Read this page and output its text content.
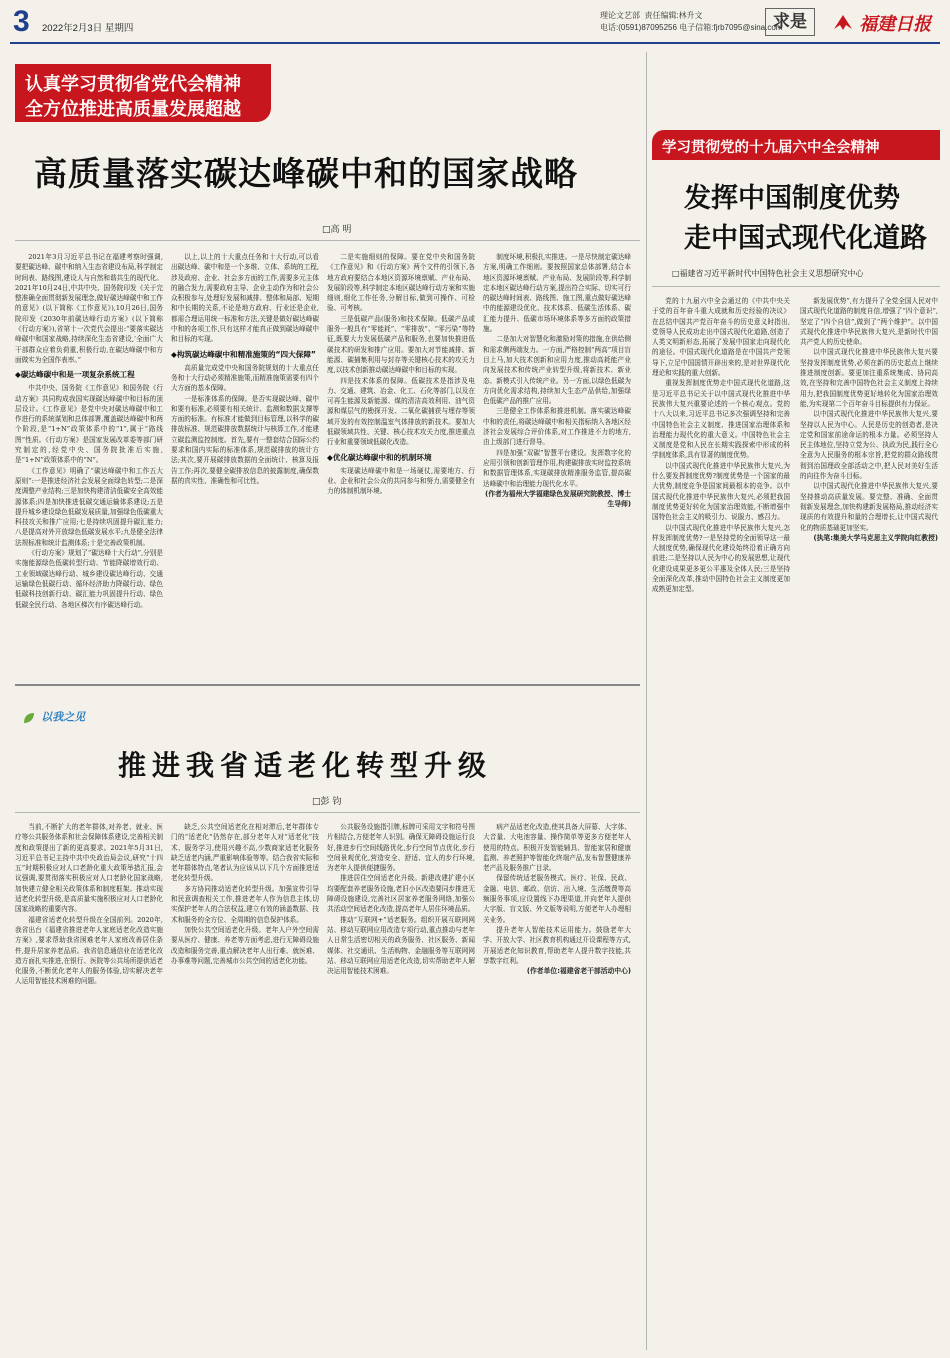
3 2022年2月3日 星期四
理论文艺部 责任编辑:林升文
电话:(0591)87095256 电子信箱:fjrb7095@sina.com
求是	福建日报
认真学习贯彻省党代会精神
全方位推进高质量发展超越
高质量落实碳达峰碳中和的国家战略
□高 明

2021年3月习近平总书记在福建考察时强调,要把碳达峰、碳中和纳入生态省建设布局,科学制定时间表、路线图,建设人与自然和谐共生的现代化。2021年10月24日,中共中央、国务院印发《关于完整准确全面贯彻新发展理念,做好碳达峰碳中和工作的意见》(以下简称《工作意见》),10月26日,国务院印发《2030年前碳达峰行动方案》(以下简称《行动方案》),省第十一次党代会提出:“要落实碳达峰碳中和国家战略,持续深化生态省建设,‘全面广大干部群众应着负荷重,积极行动,在碳达峰碳中和方面做实为全国作表率。”

◆碳达峰碳中和是一项复杂系统工程

中共中央、国务院《工作意见》和国务院《行动方案》共同构成我国实现碳达峰碳中和目标的顶层设计。《工作意见》是党中央对碳达峰碳中和工作进行的系统谋划和总体部署,覆盖碳达峰碳中和两个阶段,是“1+N”政策体系中的“1”,属于“路线图”性质。《行动方案》是国家发展改革委等部门研究制定的,经党中央、国务院批准后实施,是“1+N”政策体系中的“N”。

《工作意见》明确了“碳达峰碳中和工作五大原则”:一是推进经济社会发展全面绿色转型;二是深度调整产业结构;三是加快构建清洁低碳安全高效能源体系;四是加快推进低碳交通运输体系建设;五是提升城乡建设绿色低碳发展质量,加强绿色低碳重大科技攻关和推广应用;七是持续巩固提升碳汇能力;八是提高对外开放绿色低碳发展水平;九是健全法律法规标准和统计监测体系;十是完善政策机制。

《行动方案》规划了“碳达峰十大行动”,分别是实施能源绿色低碳转型行动、节能降碳增效行动、工业领域碳达峰行动、城乡建设碳达峰行动、交通运输绿色低碳行动、循环经济助力降碳行动、绿色低碳科技创新行动、碳汇能力巩固提升行动、绿色低碳全民行动、各地区梯次有序碳达峰行动。

以上,以上的十大重点任务和十大行动,可以看出碳达峰、碳中和是一个多维、立体、系统的工程,涉及政府、企业、社会多方面的工作,需要多元主体的融合发力,需要政府主导、企业主动作为和社会公众积极参与,处理好发展和减排、整体和局部、短期和中长期的关系,不论是地方政府、行业还是企业,都需合理运用统一标准和方法,关键是做好碳达峰碳中和的各项工作,只有这样才能真正做到碳达峰碳中和目标的实现。

◆构筑碳达峰碳中和精准施策的“四大保障”

高质量完成党中央和国务院规划的十大重点任务和十大行动必须精准施策,而精准施策需要有四个大方面的基本保障。

一是标准体系的保障。是否实现碳达峰、碳中和要有标准,必须要有相关统计、监测和数据支撑等方面的标准。有标准才能做到目标管理,以科学的碳排放标准、规范碳排放数据统计与核算工作,才能建立碳监测监控制度。首先,要有一整套结合国际公约要求和国内实际的标准体系,规范碳排放的统计方法;其次,要开展碳排放数据的全面统计、核算及报告工作;再次,要健全碳排放信息的披露制度,确保数据的真实性、准确性和可比性。

二是实施细则的保障。要在党中央和国务院《工作意见》和《行动方案》两个文件的引领下,各地方政府要结合本地区资源环境禀赋、产业布局、发展阶段等,科学制定本地区碳达峰行动方案和实施细则,细化工作任务,分解目标,做到可操作、可检验、可考核。

三是低碳产品(服务)和技术保障。低碳产品或服务一般具有“零能耗”、“零排放”、“零污染”等特征,既要大力发展低碳产品和服务,也要加快推进低碳技术的研发和推广应用。要加大对节能减排、新能源、碳捕集利用与封存等关键核心技术的攻关力度,以技术创新推动碳达峰碳中和目标的实现。

四是技术体系的保障。低碳技术是指涉及电力、交通、建筑、冶金、化工、石化等部门,以及在可再生能源及新能源、煤的清洁高效利用、油气资源和煤层气的勘探开发、二氧化碳捕获与埋存等领域开发的有效控制温室气体排放的新技术。要加大低碳领域共性、关键、核心技术攻关力度,推进重点行业和重要领域低碳化改造。

◆优化碳达峰碳中和的机制环境

实现碳达峰碳中和是一场硬仗,需要地方、行业、企业和社会公众的共同参与和努力,需要健全有力的体制机制环境。

制度环境,积极扎实推进。一是尽快制定碳达峰方案,明确工作细则。要按照国家总体部署,结合本地区资源环境禀赋、产业布局、发展阶段等,科学制定本地区碳达峰行动方案,提出符合实际、切实可行的碳达峰时间表、路线图、施工图,重点做好碳达峰中的能源建设优化、技术体系、低碳生活体系、碳汇能力提升、低碳市场环境体系等多方面的政策措施。

二是加大对智慧化和激励对策的措施,在供给侧和需求侧两端发力。一方面,严格控制“两高”项目盲目上马,加大技术创新和应用力度,推动高耗能产业向发展技术和传统产业转型升级,将新技术、新业态、新模式引入传统产业。另一方面,以绿色低碳为方向优化需求结构,持续加大生态产品供给,加强绿色低碳产品的推广应用。

三是健全工作体系和推进机制。落实碳达峰碳中和的责任,将碳达峰碳中和相关指标纳入各地区经济社会发展综合评价体系,对工作推进不力的地方,由上级部门进行督导。

四是加强“双碳”智慧平台建设。发挥数字化的应用引领和创新管理作用,构建碳排放实时监控系统和数据管理体系,实现碳排放精准服务监管,提高碳达峰碳中和治理能力现代化水平。

(作者为福州大学福建绿色发展研究院教授、博士生导师)

以我之见
推进我省适老化转型升级
□彭 钧

当前,不断扩大的老年群体,对养老、就业、医疗等公共服务体系和社会保障体系建设,完善相关制度和政策提出了新的更高要求。2021年5月31日,习近平总书记主持中共中央政治局会议,研究“十四五”时期积极应对人口老龄化重大政策举措汇报,会议强调,要贯彻落实积极应对人口老龄化国家战略,加快建立健全相关政策体系和制度框架。推动实现适老化转型升级,是高质量实施积极应对人口老龄化国家战略的重要内容。

福建省适老化转型升级在全国前列。2020年,我省出台《福建省推进老年人家庭适老化改造实施方案》,要求帮助我省困难老年人家庭改善居住条件,提升居家养老品质。我省信息通信业在适老化改造方面扎实推进,在银行、医院等公共场所提供适老化服务,不断优化老年人的服务体验,切实解决老年人运用智能技术困难的问题。

缺乏,公共空间适老化在相对滞后,老年群体专门的“适老化”仍然存在,部分老年人对“适老化”技术、服务学习,使用兴趣不高,少数商家适老化服务缺乏适老内涵,严重影响体验等等。结合我省实际和老年群体特点,笔者认为应该从以下几个方面推进适老化转型升级。

多方协同推动适老化转型升级。加强宣传引导和民意调查相关工作,推进老年人作为信息主体,切实保护老年人的合法权益,建立有效的涵盖数据、技术和服务的全方位、全周期的信息保护体系。

加快公共空间适老化升级。老年人户外空间需要从医疗、健康、养老等方面考虑,进行无障碍设施改造和服务完善,重点解决老年人出行难、就医难、办事难等问题,完善城市公共空间的适老化功能。

公共服务设施指引牌,标牌可采用文字和符号图片相结合,方便老年人识别。确保无障碍设施运行良好,推进步行空间线路优化,步行空间节点优化,步行空间景观优化,营造安全、舒适、宜人的步行环境,为老年人提供便捷服务。

推进居住空间适老化升级。新建改建扩建小区均要配套养老服务设施,老旧小区改造要同步推进无障碍设施建设,完善社区居家养老服务网络,加强公共活动空间适老化改造,提高老年人居住环境品质。

推动“互联网+”适老服务。组织开展互联网网站、移动互联网应用改造专项行动,重点推动与老年人日常生活密切相关的政务服务、社区服务、新闻媒体、社交通讯、生活购物、金融服务等互联网网站、移动互联网应用适老化改造,切实帮助老年人解决运用智能技术困难。

病产品适老化改造,使其具备大屏幕、大字体、大音量、大电池容量、操作简单等更多方便老年人使用的特点。积极开发智能辅具、智能家居和健康监测、养老照护等智能化终端产品,发布智慧健康养老产品及服务推广目录。

保留传统适老服务模式。医疗、社保、民政、金融、电信、邮政、信访、出入境、生活缴费等高频服务事项,应设置线下办理渠道,并向老年人提供大字版、盲文版、外文版等说明,方便老年人办理相关业务。

提升老年人智能技术运用能力。鼓励老年大学、开放大学、社区教育机构通过开设课程等方式,开展适老化知识教育,帮助老年人提升数字技能,共享数字红利。

(作者单位:福建省老干部活动中心)

学习贯彻党的十九届六中全会精神
发挥中国制度优势
走中国式现代化道路
□福建省习近平新时代中国特色社会主义思想研究中心

党的十九届六中全会通过的《中共中央关于党的百年奋斗重大成就和历史经验的决议》在总结中国共产党百年奋斗的历史意义时指出,党领导人民成功走出中国式现代化道路,创造了人类文明新形态,拓展了发展中国家走向现代化的途径。中国式现代化道路是在中国共产党领导下,立足中国国情开辟出来的,是对世界现代化理论和实践的重大创新。

重视发挥制度优势走中国式现代化道路,这是习近平总书记关于以中国式现代化推进中华民族伟大复兴重要论述的一个核心观点。党的十八大以来,习近平总书记多次强调坚持和完善中国特色社会主义制度、推进国家治理体系和治理能力现代化的重大意义。中国特色社会主义制度是党和人民在长期实践探索中形成的科学制度体系,具有显著的制度优势。

以中国式现代化推进中华民族伟大复兴,为什么要发挥制度优势?制度优势是一个国家的最大优势,制度竞争是国家间最根本的竞争。以中国式现代化推进中华民族伟大复兴,必须把我国制度优势更好转化为国家治理效能,不断增强中国特色社会主义的吸引力、说服力、感召力。

以中国式现代化推进中华民族伟大复兴,怎样发挥制度优势?一是坚持党的全面领导这一最大制度优势,确保现代化建设始终沿着正确方向前进;二是坚持以人民为中心的发展思想,让现代化建设成果更多更公平惠及全体人民;三是坚持全面深化改革,推动中国特色社会主义制度更加成熟更加定型。

新发展优势”,有力提升了全党全国人民对中国式现代化道路的制度自信,增强了“四个意识”,坚定了“四个自信”,做到了“两个维护”。以中国式现代化推进中华民族伟大复兴,是新时代中国共产党人的历史使命。

以中国式现代化推进中华民族伟大复兴要坚持发挥制度优势,必须在新的历史起点上继续推进制度创新。要更加注重系统集成、协同高效,在坚持和完善中国特色社会主义制度上持续用力,把我国制度优势更好地转化为国家治理效能,为实现第二个百年奋斗目标提供有力保证。

以中国式现代化推进中华民族伟大复兴,要坚持以人民为中心。人民是历史的创造者,是决定党和国家前途命运的根本力量。必须坚持人民主体地位,坚持立党为公、执政为民,践行全心全意为人民服务的根本宗旨,把党的群众路线贯彻到治国理政全部活动之中,把人民对美好生活的向往作为奋斗目标。

以中国式现代化推进中华民族伟大复兴,要坚持推动高质量发展。要完整、准确、全面贯彻新发展理念,加快构建新发展格局,推动经济实现质的有效提升和量的合理增长,让中国式现代化的物质基础更加坚实。

(执笔:集美大学马克思主义学院向红教授)
